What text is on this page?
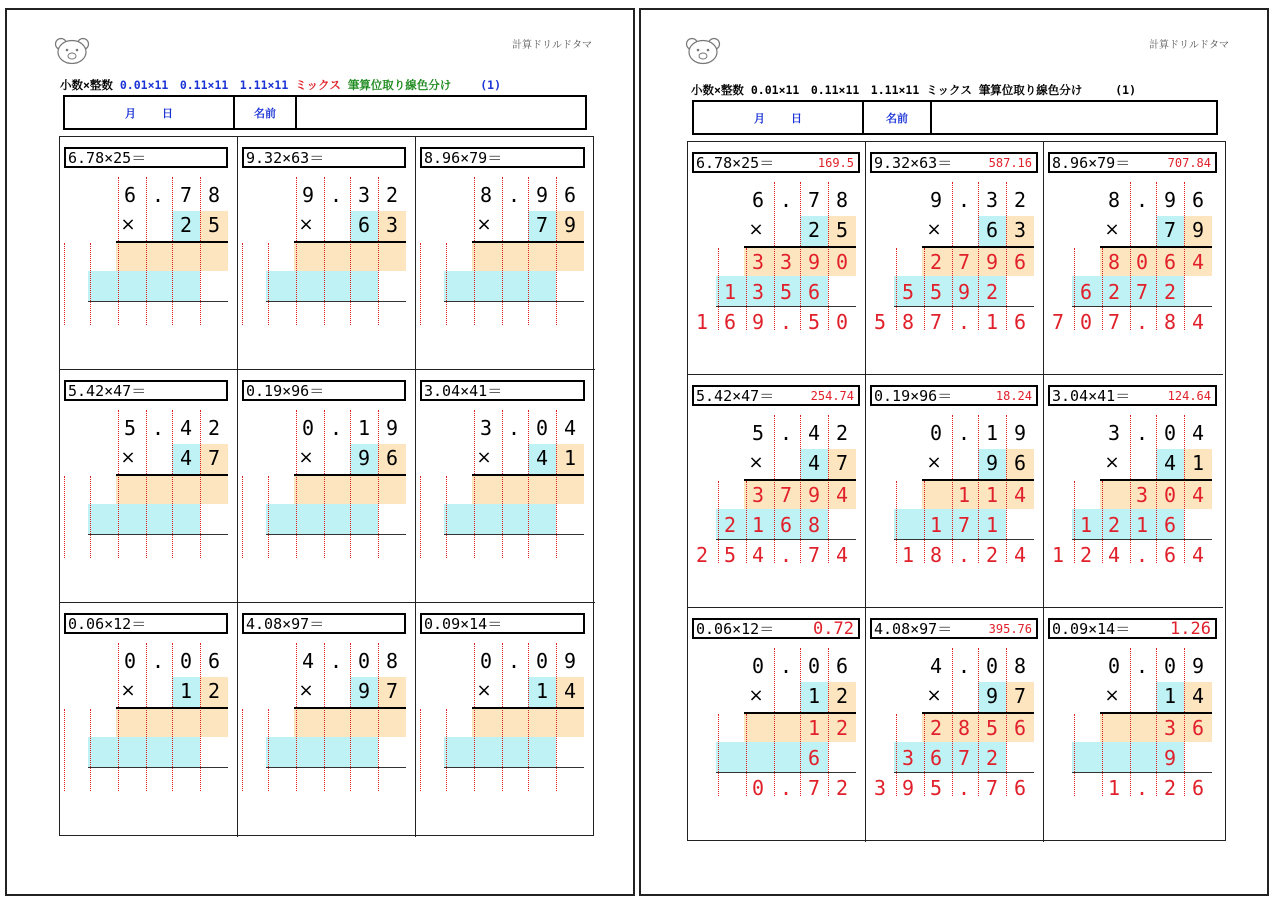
計算ドリルドタマ
小数×整数 0.01×11　0.11×11　1.11×11 ミックス 筆算位取り線色分け	(1)
月 日	名前
6.78×25＝
6 . 7 8
×	2 5
9.32×63＝
9 . 3 2
×	6 3
8.96×79＝
8 . 9 6
×	7 9
5.42×47＝
5 . 4 2
×	4 7
0.19×96＝
0 . 1 9
×	9 6
3.04×41＝
3 . 0 4
×	4 1
0.06×12＝
0 . 0 6
×	1 2
4.08×97＝
4 . 0 8
×	9 7
0.09×14＝
0 . 0 9
×	1 4
計算ドリルドタマ
小数×整数 0.01×11　0.11×11　1.11×11 ミックス 筆算位取り線色分け	(1)
月 日	名前
6.78×25＝	169.5
6 . 7 8
×	2 5
3 3 9 0
1 3 5 6
1 6 9 . 5 0
9.32×63＝	587.16
9 . 3 2
×	6 3
2 7 9 6
5 5 9 2
5 8 7 . 1 6
8.96×79＝	707.84
8 . 9 6
×	7 9
8 0 6 4
6 2 7 2
7 0 7 . 8 4
5.42×47＝	254.74
5 . 4 2
×	4 7
3 7 9 4
2 1 6 8
2 5 4 . 7 4
0.19×96＝	18.24
0 . 1 9
×	9 6
1 1 4
1 7 1
1 8 . 2 4
3.04×41＝	124.64
3 . 0 4
×	4 1
3 0 4
1 2 1 6
1 2 4 . 6 4
0.06×12＝	0.72
0 . 0 6
×	1 2
1 2
6
0 . 7 2
4.08×97＝	395.76
4 . 0 8
×	9 7
2 8 5 6
3 6 7 2
3 9 5 . 7 6
0.09×14＝	1.26
0 . 0 9
×	1 4
3 6
9
1 . 2 6
